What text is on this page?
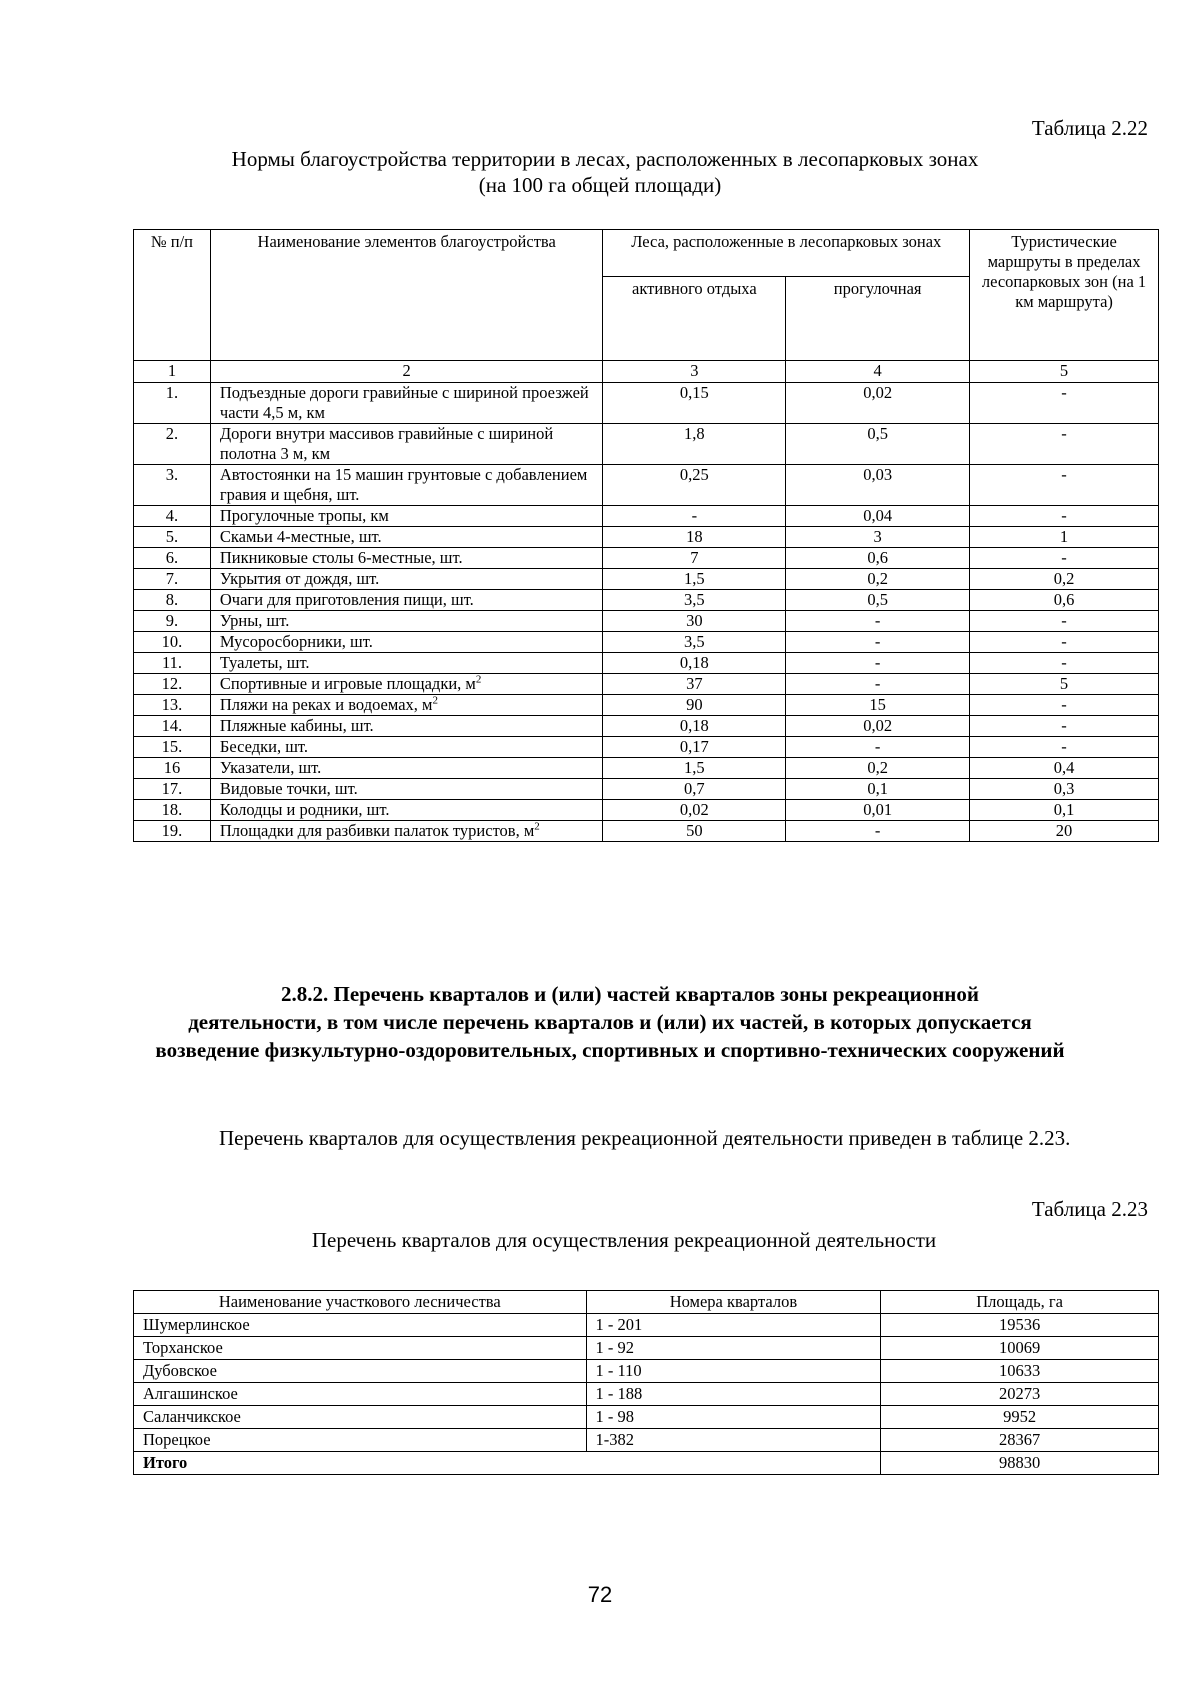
Таблица 2.22
Нормы благоустройства территории в лесах, расположенных в лесопарковых зонах
(на 100 га общей площади)
№ п/п	Наименование элементов благоустройства	Леса, расположенные в лесопарковых зонах		Туристические маршруты в пределах лесопарковых зон (на 1 км маршрута)
		активного отдыха	прогулочная	
1	2	3	4	5
1.	Подъездные дороги гравийные с шириной проезжей части 4,5 м, км	0,15	0,02	-
2.	Дороги внутри массивов гравийные с шириной полотна 3 м, км	1,8	0,5	-
3.	Автостоянки на 15 машин грунтовые с добавлением гравия и щебня, шт.	0,25	0,03	-
4.	Прогулочные тропы, км	-	0,04	-
5.	Скамьи 4-местные, шт.	18	3	1
6.	Пикниковые столы 6-местные, шт.	7	0,6	-
7.	Укрытия от дождя, шт.	1,5	0,2	0,2
8.	Очаги для приготовления пищи, шт.	3,5	0,5	0,6
9.	Урны, шт.	30	-	-
10.	Мусоросборники, шт.	3,5	-	-
11.	Туалеты, шт.	0,18	-	-
12.	Спортивные и игровые площадки, $м^2$	37	-	5
13.	Пляжи на реках и водоемах, $м^2$	90	15	-
14.	Пляжные кабины, шт.	0,18	0,02	-
15.	Беседки, шт.	0,17	-	-
16	Указатели, шт.	1,5	0,2	0,4
17.	Видовые точки, шт.	0,7	0,1	0,3
18.	Колодцы и родники, шт.	0,02	0,01	0,1
19.	Площадки для разбивки палаток туристов, $м^2$	50	-	20
2.8.2. Перечень кварталов и (или) частей кварталов зоны рекреационной
деятельности, в том числе перечень кварталов и (или) их частей, в которых допускается возведение физкультурно-оздоровительных, спортивных и спортивно-технических сооружений
Перечень кварталов для осуществления рекреационной деятельности приведен в таблице 2.23.
Таблица 2.23
Перечень кварталов для осуществления рекреационной деятельности
Наименование участкового лесничества	Номера кварталов	Площадь, га
Шумерлинское	1 - 201	19536
Торханское	1 - 92	10069
Дубовское	1 - 110	10633
Алгашинское	1 - 188	20273
Саланчикское	1 - 98	9952
Порецкое	1-382	28367
Итого		98830
72
